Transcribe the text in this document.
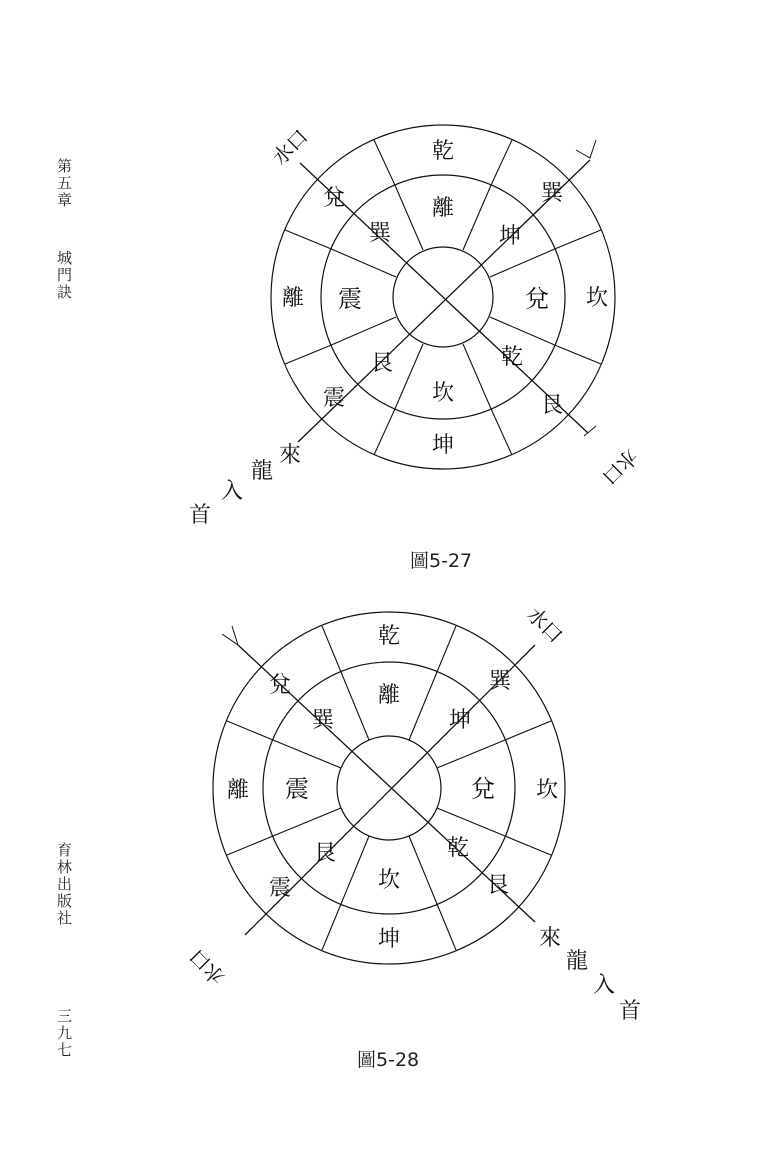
第五章
城門訣
育林出版社
三九七
乾
巽
坎
艮
坤
震
離
兌	離
坤
兌
乾
坎
艮
震
巽
水口
水口
來
龍
入
首
圖5-27
乾
巽
坎
艮
坤
震
離
兌	離
坤
兌
乾
坎
艮
震
巽
水口
水口
來
龍
入
首
圖5-28
